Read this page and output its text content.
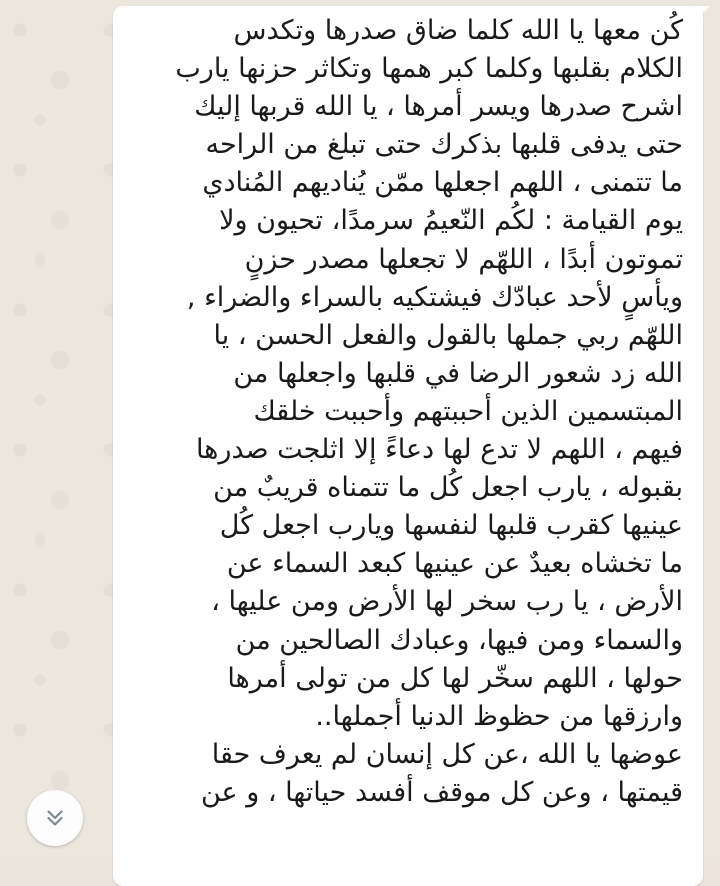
كُن معها يا الله كلما ضاق صدرها وتكدس
الكلام بقلبها وكلما كبر همها وتكاثر حزنها يارب
اشرح صدرها ويسر أمرها ، يا الله قربها إليك
حتى يدفى قلبها بذكرك حتى تبلغ من الراحه
ما تتمنى ، اللهم اجعلها ممّن يُناديهم المُنادي
يوم القيامة : لكُم النّعيمُ سرمدًا، تحيون ولا
تموتون أبدًا ، اللهّم لا تجعلها مصدر حزنٍ
ويأسٍ لأحد عبادّك فيشتكيه بالسراء والضراء ,
اللهّم ربي جملها بالقول والفعل الحسن ، يا
الله زد شعور الرضا في قلبها واجعلها من
المبتسمين الذين أحببتهم وأحببت خلقك
فيهم ، اللهم لا تدع لها دعاءً إلا اثلجت صدرها
بقبوله ، يارب اجعل كُل ما تتمناه قريبٌ من
عينيها كقرب قلبها لنفسها ويارب اجعل كُل
ما تخشاه بعيدٌ عن عينيها كبعد السماء عن
الأرض ، يا رب سخر لها الأرض ومن عليها ،
والسماء ومن فيها، وعبادك الصالحين من
حولها ، اللهم سخّر لها كل من تولى أمرها
وارزقها من حظوظ الدنيا أجملها..
عوضها يا الله ،عن كل إنسان لم يعرف حقا
قيمتها ، وعن كل موقف أفسد حياتها ، و عن
